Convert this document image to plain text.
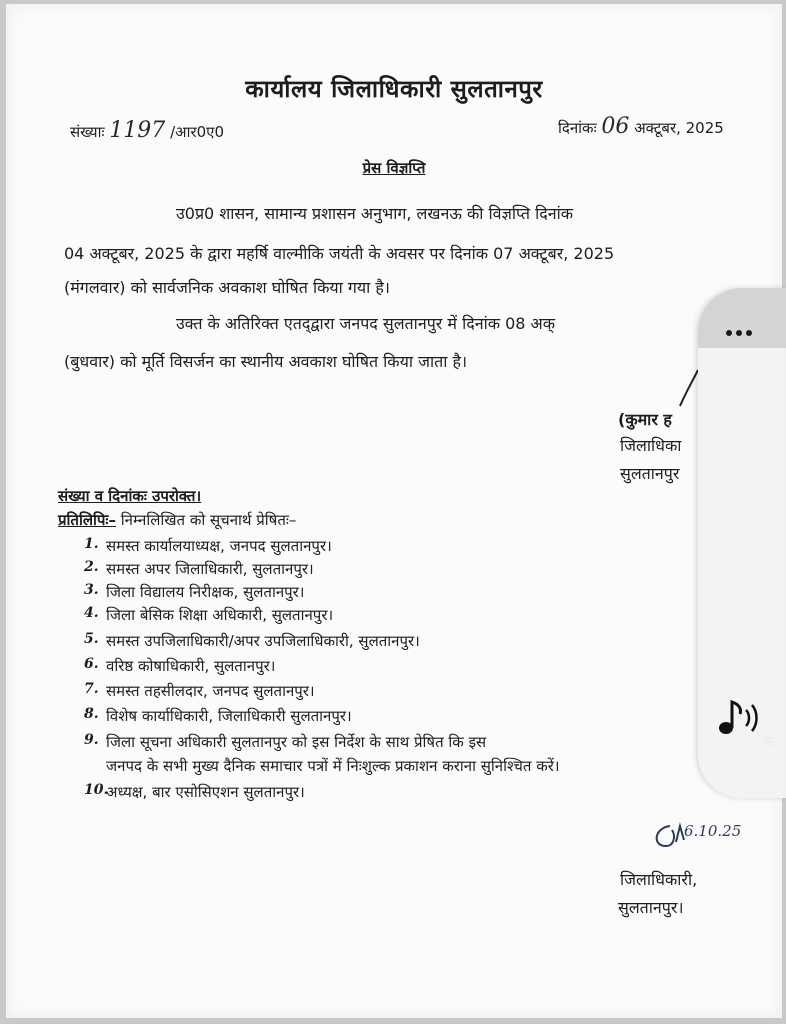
कार्यालय जिलाधिकारी सुलतानपुर
संख्याः 1197 /आर0ए0	दिनांकः 06 अक्टूबर, 2025
प्रेस विज्ञप्ति
उ0प्र0 शासन, सामान्य प्रशासन अनुभाग, लखनऊ की विज्ञप्ति दिनांक
04 अक्टूबर, 2025 के द्वारा महर्षि वाल्मीकि जयंती के अवसर पर दिनांक 07 अक्टूबर, 2025
(मंगलवार) को सार्वजनिक अवकाश घोषित किया गया है।
उक्त के अतिरिक्त एतद्‌द्वारा जनपद सुलतानपुर में दिनांक 08 अक्
(बुधवार) को मूर्ति विसर्जन का स्थानीय अवकाश घोषित किया जाता है।
(कुमार ह
जिलाधिका
सुलतानपुर
संख्या व दिनांकः उपरोक्त।
प्रतिलिपिः– निम्नलिखित को सूचनार्थ प्रेषितः–
1. समस्त कार्यालयाध्यक्ष, जनपद सुलतानपुर।
2. समस्त अपर जिलाधिकारी, सुलतानपुर।
3. जिला विद्यालय निरीक्षक, सुलतानपुर।
4. जिला बेसिक शिक्षा अधिकारी, सुलतानपुर।
5. समस्त उपजिलाधिकारी/अपर उपजिलाधिकारी, सुलतानपुर।
6. वरिष्ठ कोषाधिकारी, सुलतानपुर।
7. समस्त तहसीलदार, जनपद सुलतानपुर।
8. विशेष कार्याधिकारी, जिलाधिकारी सुलतानपुर।
9. जिला सूचना अधिकारी सुलतानपुर को इस निर्देश के साथ प्रेषित कि इस
जनपद के सभी मुख्य दैनिक समाचार पत्रों में निःशुल्क प्रकाशन कराना सुनिश्चित करें।
10.
अध्यक्ष, बार एसोसिएशन सुलतानपुर।
6.10.25
जिलाधिकारी,
सुलतानपुर।
